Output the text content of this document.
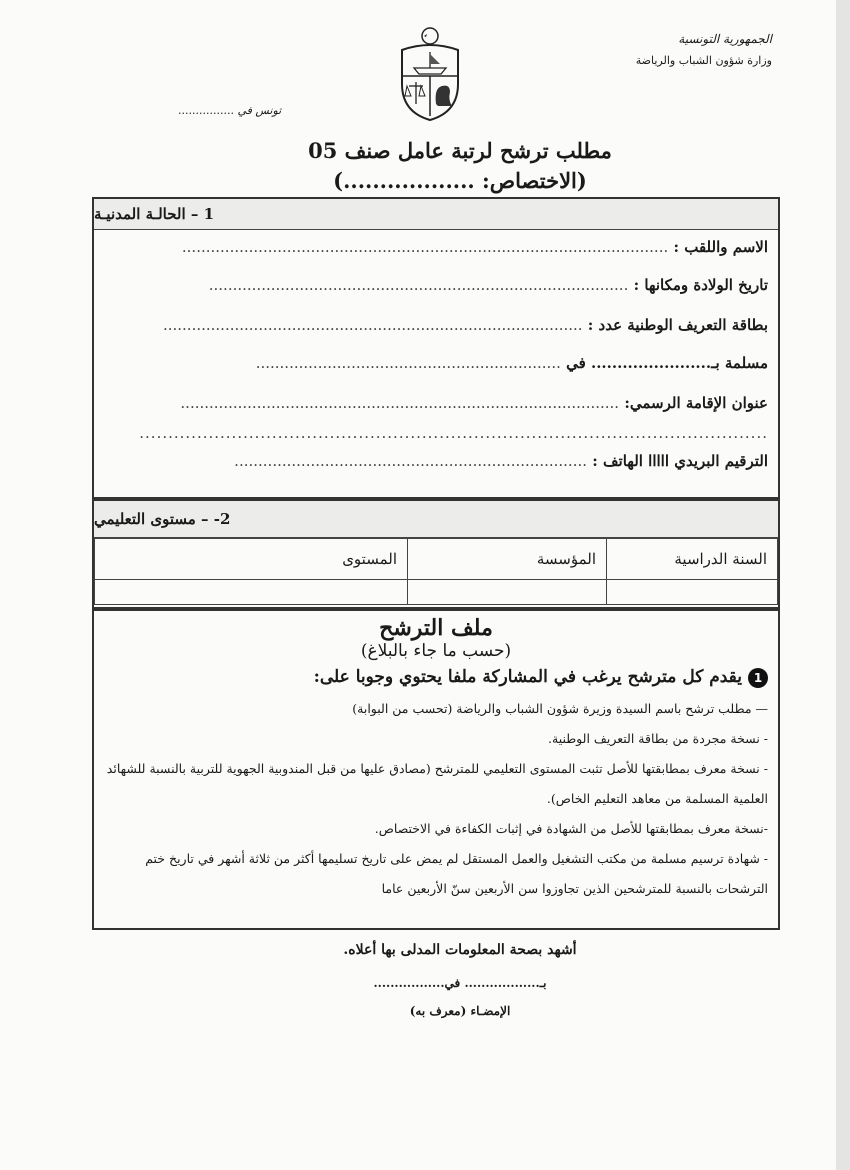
الجمهورية التونسية
وزارة شؤون الشباب والرياضة
تونس في ................
مطلب ترشح لرتبة عامل صنف 05
(الاختصاص: ..................)
1 – الحالـة المدنيـة
الاسم واللقب : ......................................................................................................
تاريخ الولادة ومكانها : ........................................................................................
بطاقة التعريف الوطنية عدد : ........................................................................................
مسلمة بـ....................... في ................................................................
عنوان الإقامة الرسمي: ............................................................................................
.............................................................................................................
الترقيم البريدي ااااا الهاتف : ..........................................................................
2- – مستوى التعليمي
السنة الدراسية	المؤسسة	المستوى

ملف الترشح
(حسب ما جاء بالبلاغ)
1يقدم كل مترشح يرغب في المشاركة ملفا يحتوي وجوبا على:
— مطلب ترشح باسم السيدة وزيرة شؤون الشباب والرياضة (تحسب من البوابة)
- نسخة مجردة من بطاقة التعريف الوطنية.
- نسخة معرف بمطابقتها للأصل تثبت المستوى التعليمي للمترشح (مصادق عليها من قبل المندوبية الجهوية للتربية بالنسبة للشهائد
العلمية المسلمة من معاهد التعليم الخاص).
-نسخة معرف بمطابقتها للأصل من الشهادة في إثبات الكفاءة في الاختصاص.
- شهادة ترسيم مسلمة من مكتب التشغيل والعمل المستقل لم يمض على تاريخ تسليمها أكثر من ثلاثة أشهر في تاريخ ختم
الترشحات بالنسبة للمترشحين الذين تجاوزوا سن الأربعين سنّ الأربعين عاما
أشهد بصحة المعلومات المدلى بها أعلاه.
بـ.................. في.................
الإمضـاء (معرف به)
